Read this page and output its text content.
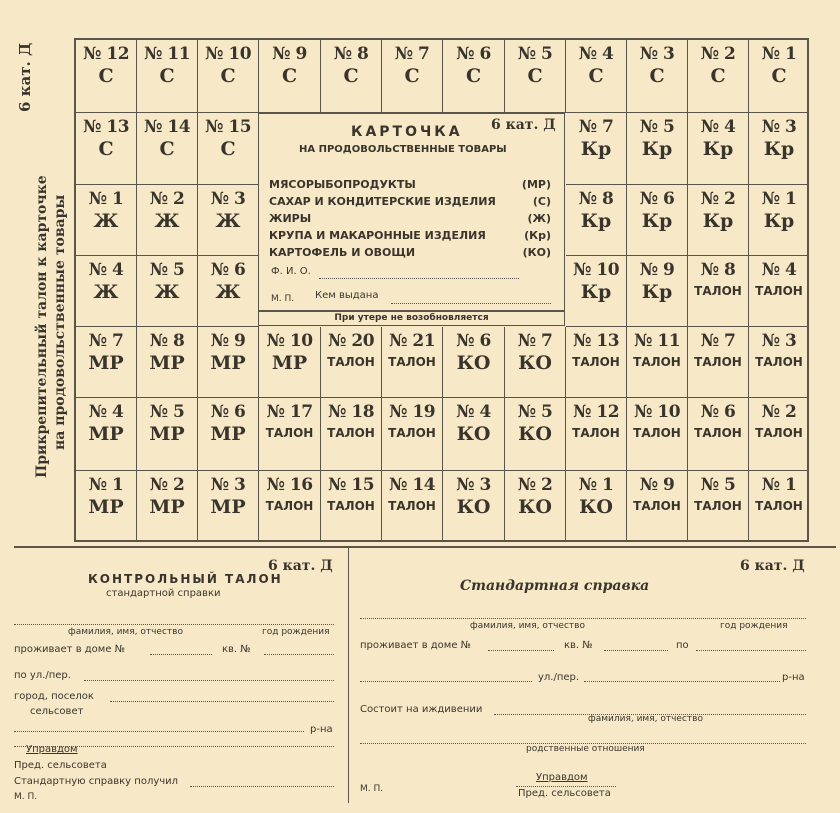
6 кат. Д
Прикрепительный талон к карточке на продовольственные товары
№ 12
С
№ 11
С
№ 10
С
№ 9
С
№ 8
С
№ 7
С
№ 6
С
№ 5
С
№ 4
С
№ 3
С
№ 2
С
№ 1
С
№ 13
С
№ 14
С
№ 15
С
№ 7
Кр
№ 5
Кр
№ 4
Кр
№ 3
Кр
№ 1
Ж
№ 2
Ж
№ 3
Ж
№ 8
Кр
№ 6
Кр
№ 2
Кр
№ 1
Кр
№ 4
Ж
№ 5
Ж
№ 6
Ж
№ 10
Кр
№ 9
Кр
№ 8
ТАЛОН
№ 4
ТАЛОН
№ 7
МР
№ 8
МР
№ 9
МР
№ 10
МР
№ 20
ТАЛОН
№ 21
ТАЛОН
№ 6
КО
№ 7
КО
№ 13
ТАЛОН
№ 11
ТАЛОН
№ 7
ТАЛОН
№ 3
ТАЛОН
№ 4
МР
№ 5
МР
№ 6
МР
№ 17
ТАЛОН
№ 18
ТАЛОН
№ 19
ТАЛОН
№ 4
КО
№ 5
КО
№ 12
ТАЛОН
№ 10
ТАЛОН
№ 6
ТАЛОН
№ 2
ТАЛОН
№ 1
МР
№ 2
МР
№ 3
МР
№ 16
ТАЛОН
№ 15
ТАЛОН
№ 14
ТАЛОН
№ 3
КО
№ 2
КО
№ 1
КО
№ 9
ТАЛОН
№ 5
ТАЛОН
№ 1
ТАЛОН
КАРТОЧКА 6 кат. Д
НА ПРОДОВОЛЬСТВЕННЫЕ ТОВАРЫ
МЯСОРЫБОПРОДУКТЫ	(МР)
САХАР И КОНДИТЕРСКИЕ ИЗДЕЛИЯ	(С)
ЖИРЫ	(Ж)
КРУПА И МАКАРОННЫЕ ИЗДЕЛИЯ	(Кр)
КАРТОФЕЛЬ И ОВОЩИ	(КО)
Ф. И. О.
М. П. Кем выдана
При утере не возобновляется
6 кат. Д
КОНТРОЛЬНЫЙ ТАЛОН
стандартной справки
фамилия, имя, отчество	год рождения
проживает в доме №	кв. №
по ул./пер.
город, поселок
сельсовет
р-на
Управдом
Пред. сельсовета
Стандартную справку получил
М. П.
6 кат. Д
Стандартная справка
фамилия, имя, отчество	год рождения
проживает в доме №	кв. №	по
ул./пер.	р-на
Состоит на иждивении
фамилия, имя, отчество
родственные отношения
Управдом
Пред. сельсовета
М. П.
